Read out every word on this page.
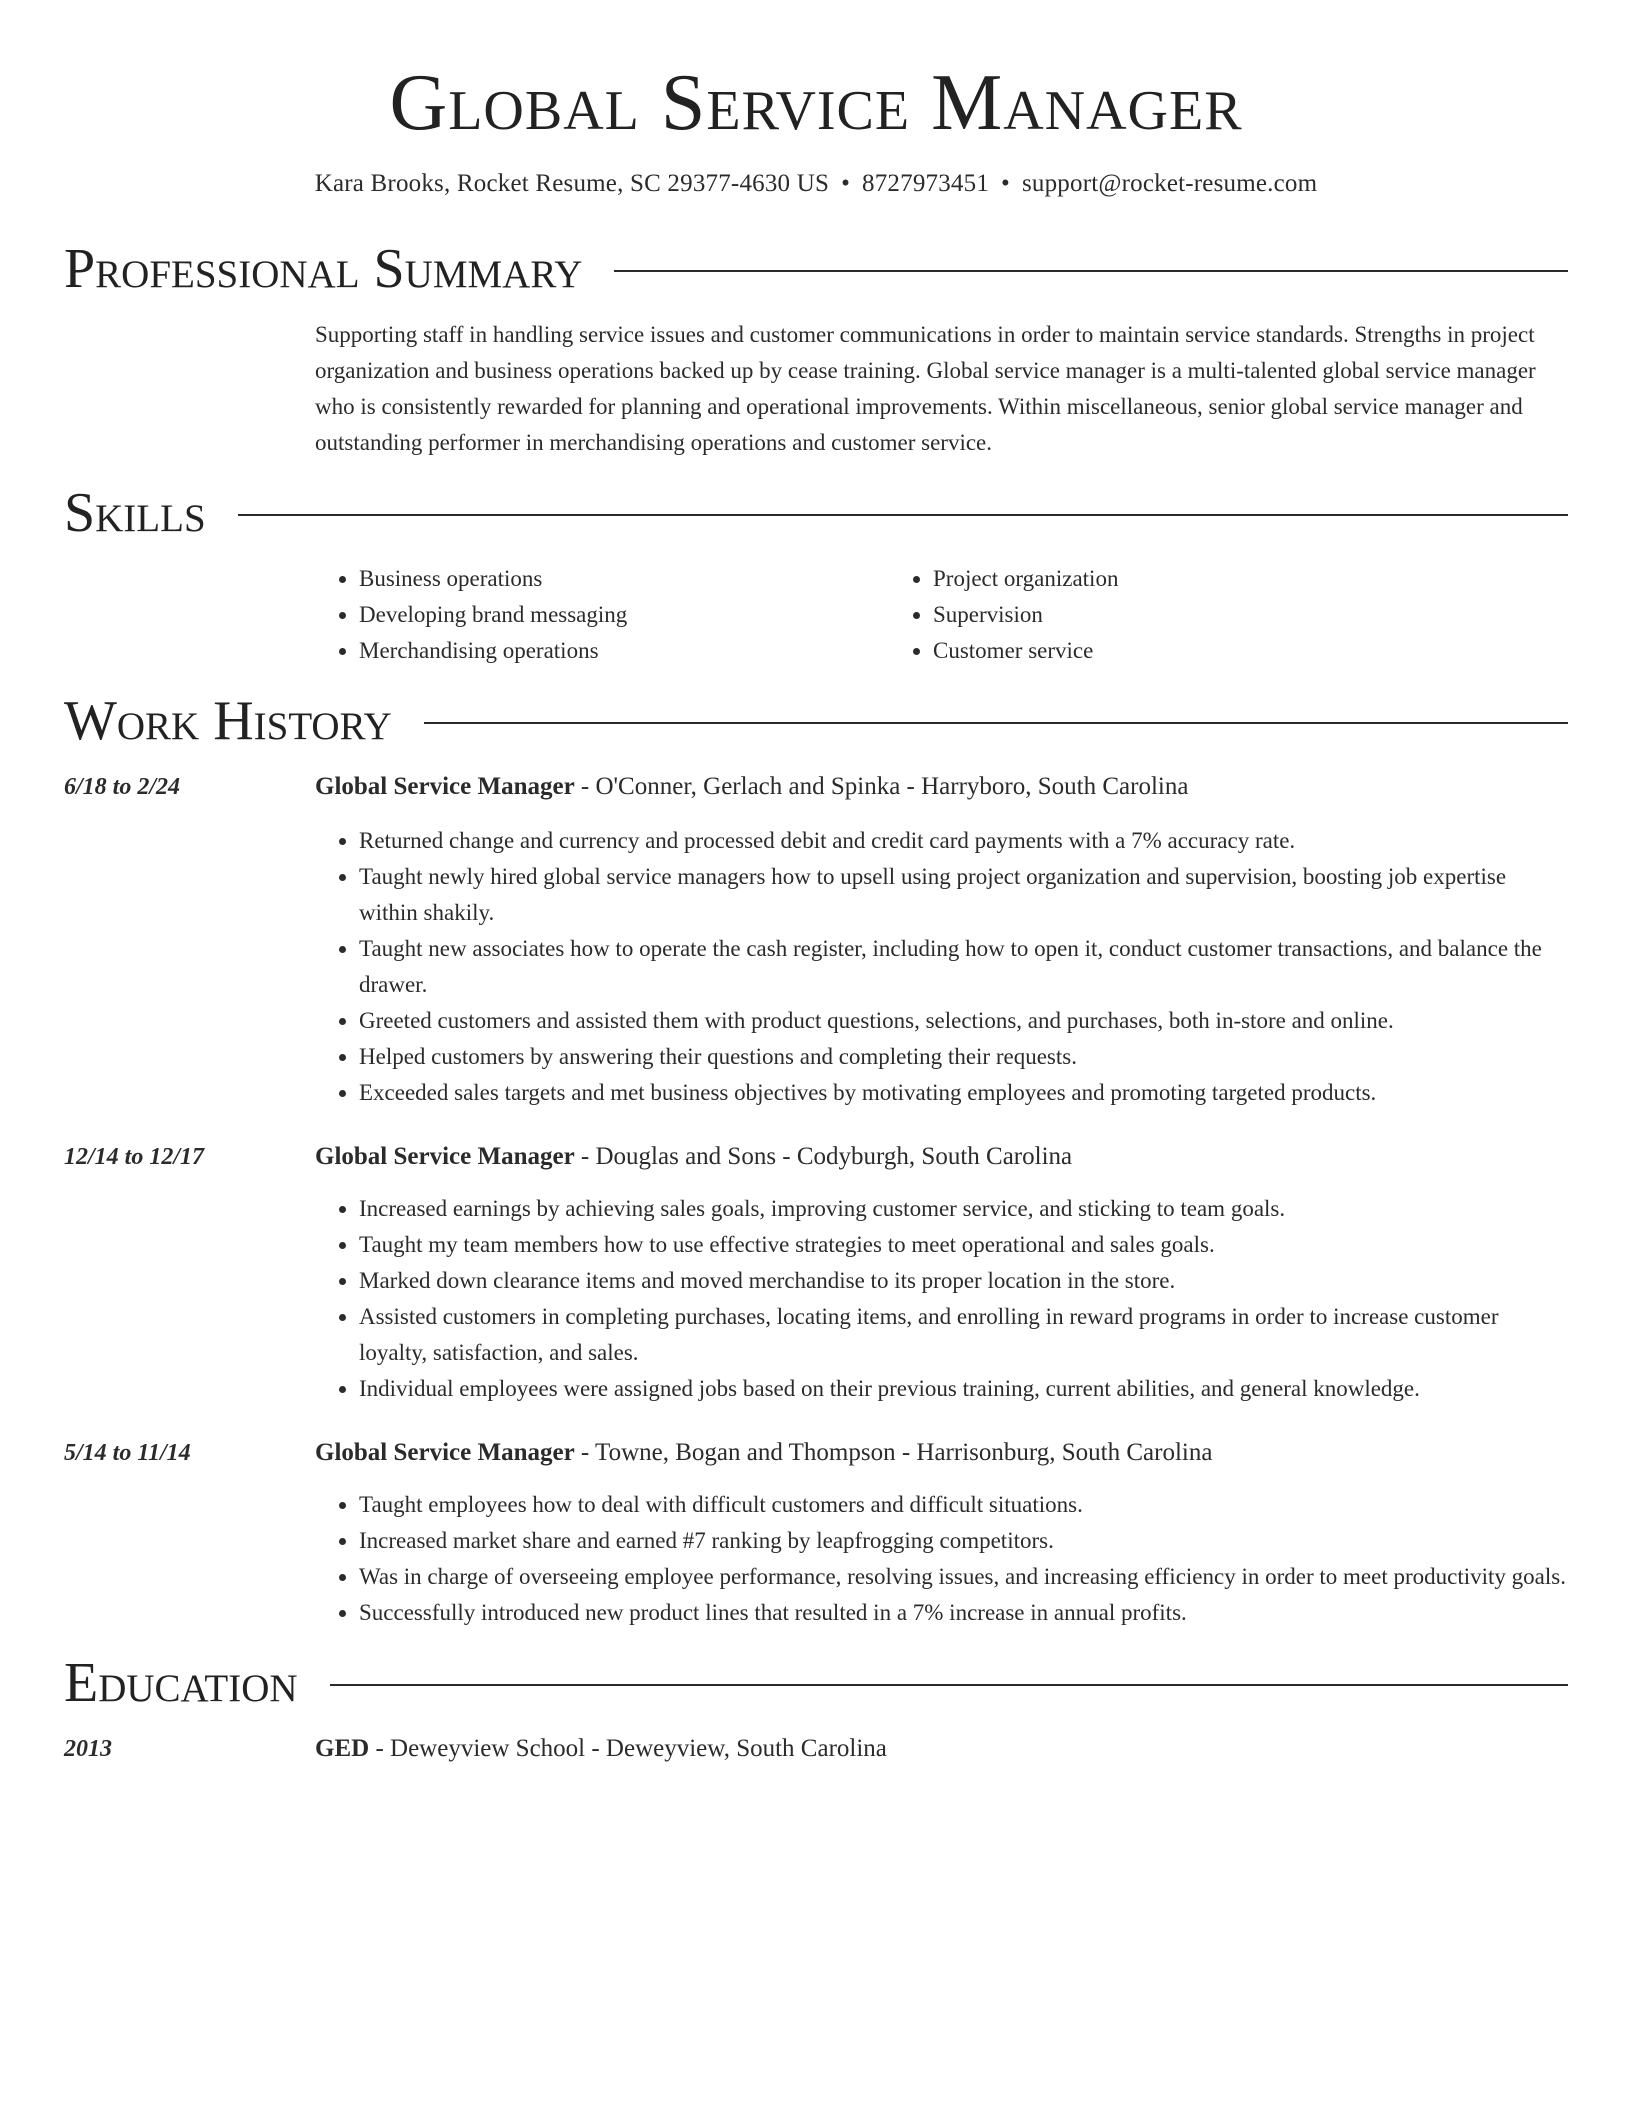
Global Service Manager
Kara Brooks, Rocket Resume, SC 29377-4630 US • 8727973451 • support@rocket-resume.com
Professional Summary
Supporting staff in handling service issues and customer communications in order to maintain service standards. Strengths in project organization and business operations backed up by cease training. Global service manager is a multi-talented global service manager who is consistently rewarded for planning and operational improvements. Within miscellaneous, senior global service manager and outstanding performer in merchandising operations and customer service.
Skills
• Business operations
• Developing brand messaging
• Merchandising operations
• Project organization
• Supervision
• Customer service
Work History
6/18 to 2/24	Global Service Manager - O'Conner, Gerlach and Spinka - Harryboro, South Carolina
• Returned change and currency and processed debit and credit card payments with a 7% accuracy rate.
• Taught newly hired global service managers how to upsell using project organization and supervision, boosting job expertise within shakily.
• Taught new associates how to operate the cash register, including how to open it, conduct customer transactions, and balance the drawer.
• Greeted customers and assisted them with product questions, selections, and purchases, both in-store and online.
• Helped customers by answering their questions and completing their requests.
• Exceeded sales targets and met business objectives by motivating employees and promoting targeted products.
12/14 to 12/17	Global Service Manager - Douglas and Sons - Codyburgh, South Carolina
• Increased earnings by achieving sales goals, improving customer service, and sticking to team goals.
• Taught my team members how to use effective strategies to meet operational and sales goals.
• Marked down clearance items and moved merchandise to its proper location in the store.
• Assisted customers in completing purchases, locating items, and enrolling in reward programs in order to increase customer loyalty, satisfaction, and sales.
• Individual employees were assigned jobs based on their previous training, current abilities, and general knowledge.
5/14 to 11/14	Global Service Manager - Towne, Bogan and Thompson - Harrisonburg, South Carolina
• Taught employees how to deal with difficult customers and difficult situations.
• Increased market share and earned #7 ranking by leapfrogging competitors.
• Was in charge of overseeing employee performance, resolving issues, and increasing efficiency in order to meet productivity goals.
• Successfully introduced new product lines that resulted in a 7% increase in annual profits.
Education
2013	GED - Deweyview School - Deweyview, South Carolina
